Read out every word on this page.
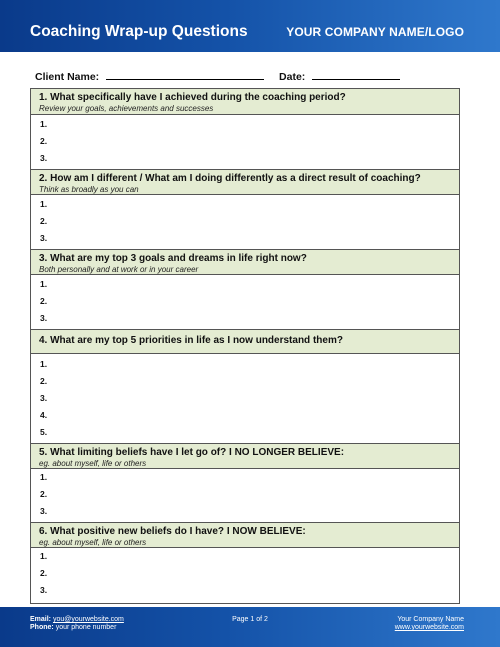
Coaching Wrap-up Questions	YOUR COMPANY NAME/LOGO
Client Name:	Date:
1. What specifically have I achieved during the coaching period?
Review your goals, achievements and successes
1.
2.
3.
2. How am I different / What am I doing differently as a direct result of coaching?
Think as broadly as you can
1.
2.
3.
3. What are my top 3 goals and dreams in life right now?
Both personally and at work or in your career
1.
2.
3.
4. What are my top 5 priorities in life as I now understand them?
1.
2.
3.
4.
5.
5. What limiting beliefs have I let go of? I NO LONGER BELIEVE:
eg. about myself, life or others
1.
2.
3.
6. What positive new beliefs do I have? I NOW BELIEVE:
eg. about myself, life or others
1.
2.
3.
Email: you@yourwebsite.com
Phone: your phone number
Page 1 of 2	Your Company Name
www.yourwebsite.com
